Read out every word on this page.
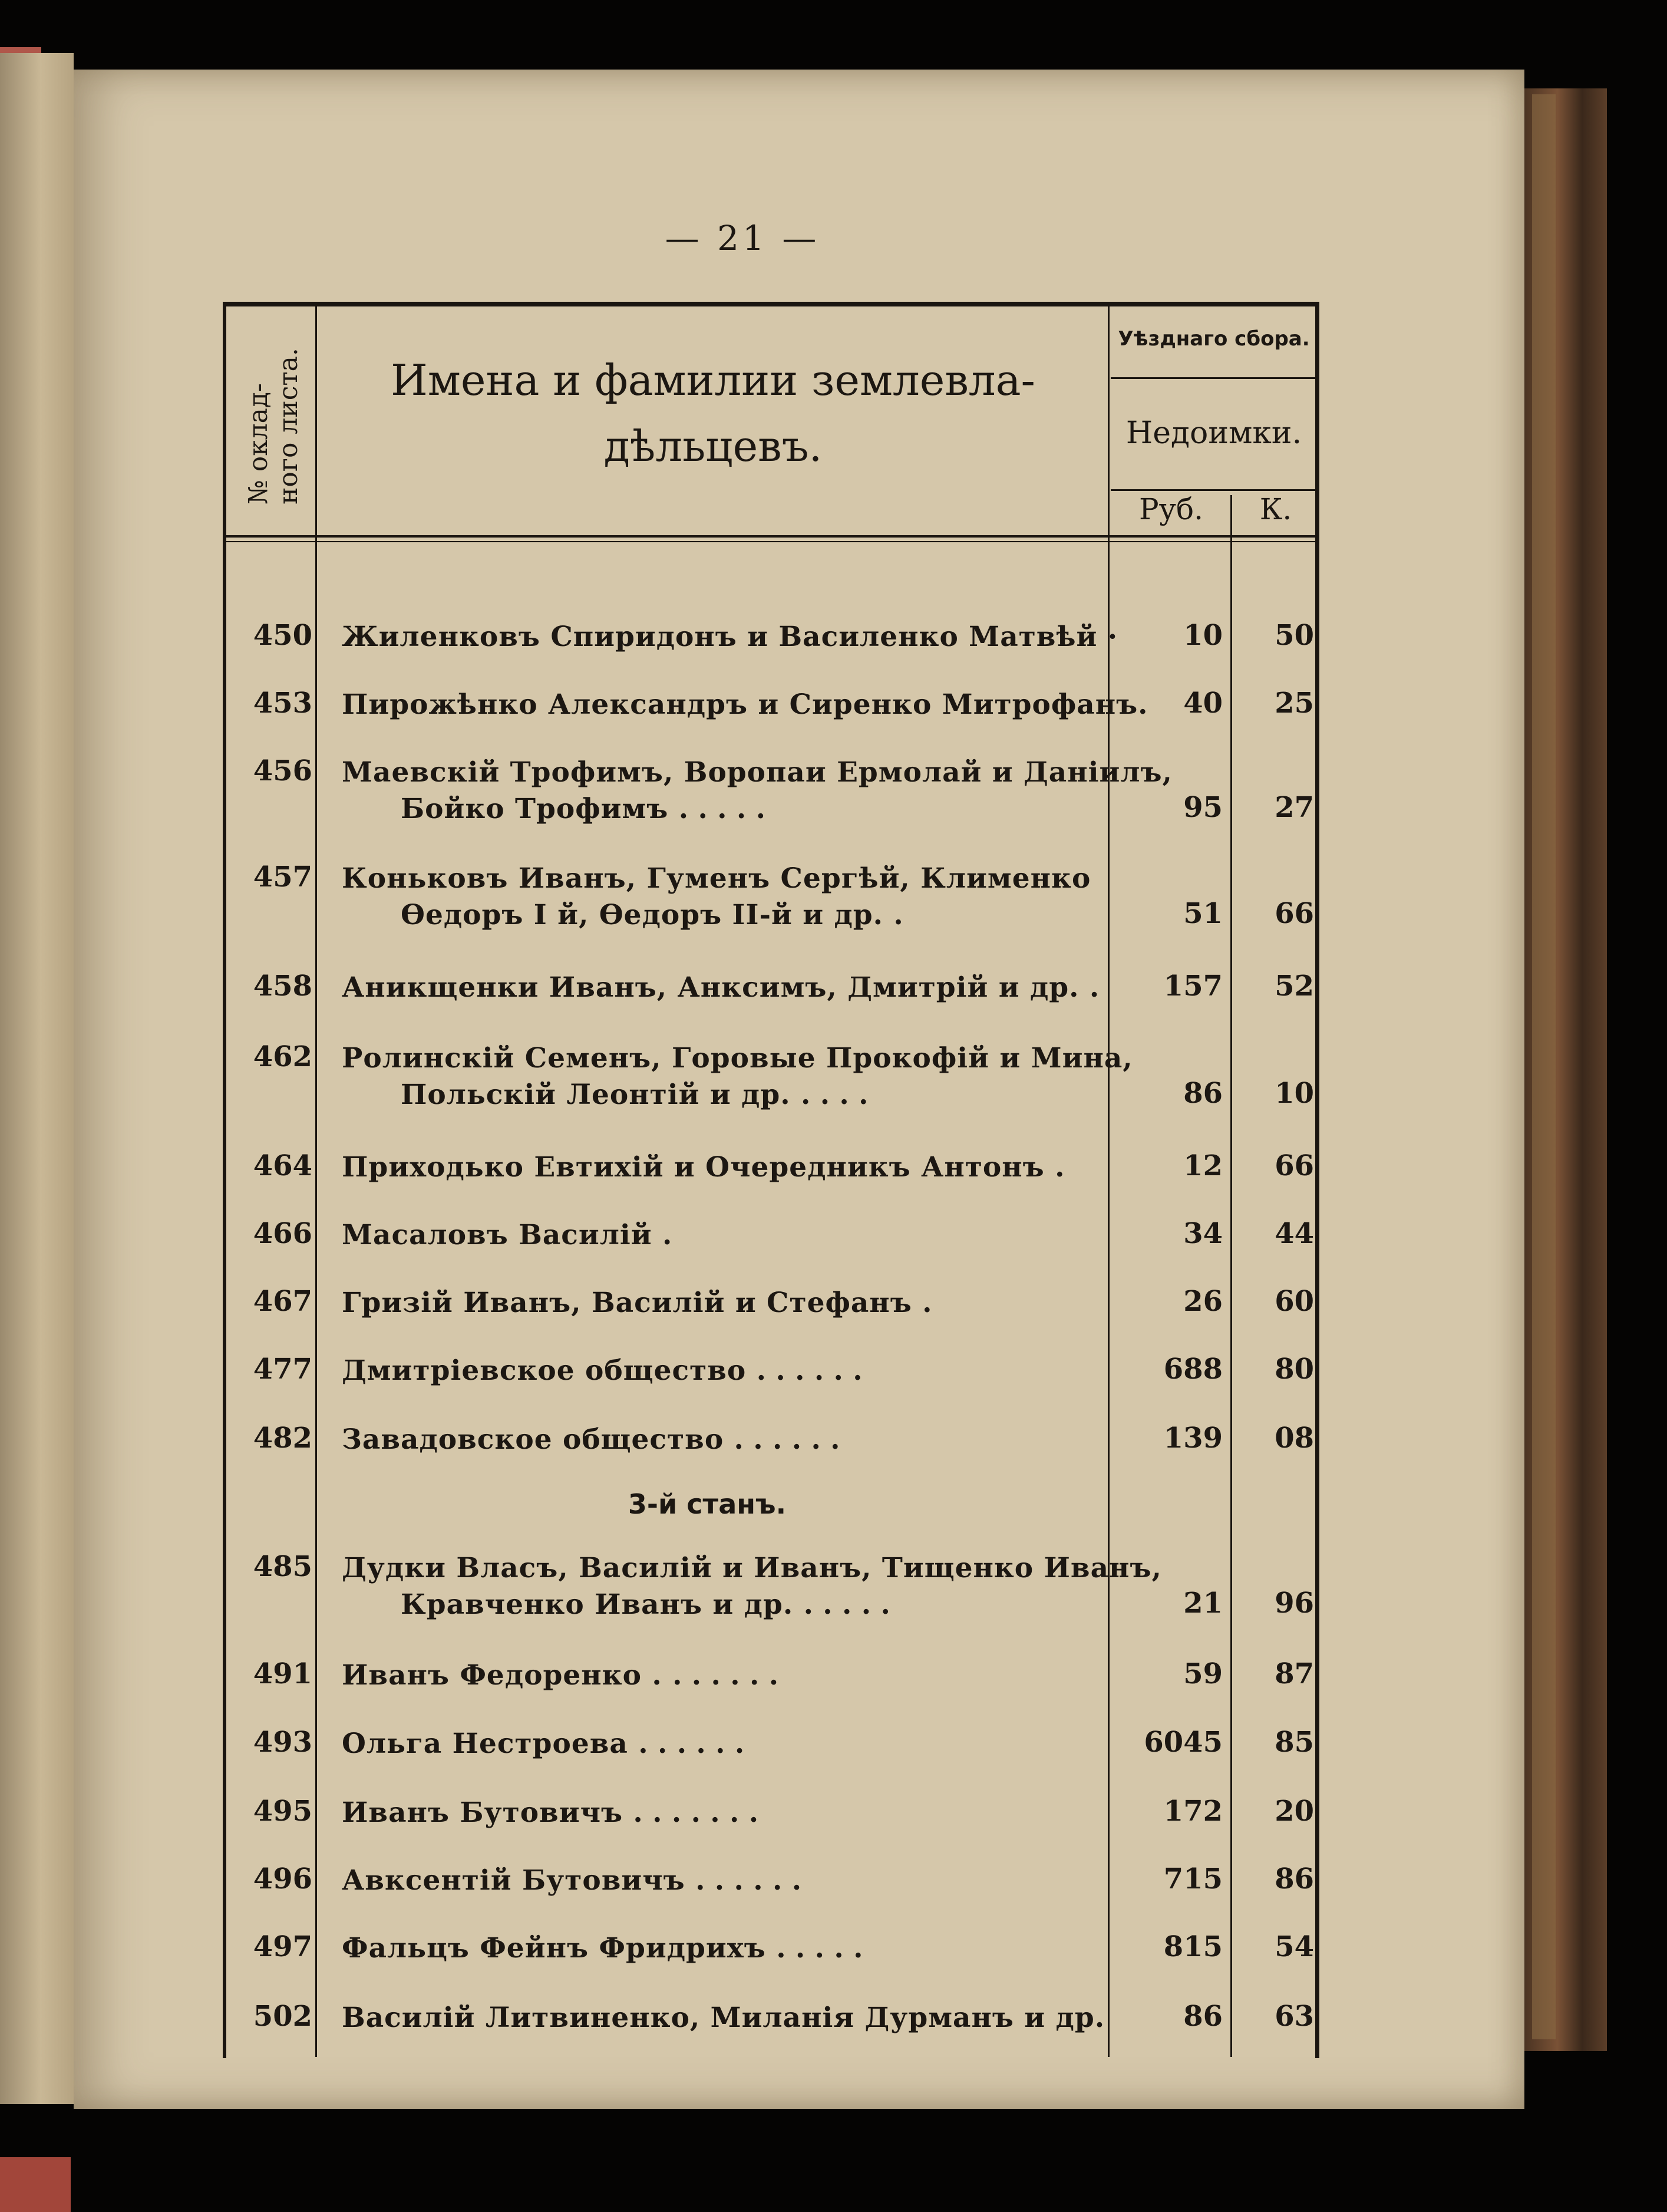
— 21 —
№ оклад-
ного листа.	Имена и фамилии землевла-
дѣльцевъ.
Уѣзднаго сбора.
Недоимки.
Руб.	К.
450 Жиленковъ Спиридонъ и Василенко Матвѣй ·	10	50
453 Пирожѣнко Александръ и Сиренко Митрофанъ.	40	25
456 Маевскій Трофимъ, Воропаи Ермолай и Даніилъ,
Бойко Трофимъ . . . . .	95	27
457 Коньковъ Иванъ, Гуменъ Сергѣй, Клименко
Ѳедоръ І й, Ѳедоръ ІІ-й и др. .	51	66
458 Аникщенки Иванъ, Анксимъ, Дмитрій и др. .	157	52
462 Ролинскій Семенъ, Горовые Прокофій и Мина,
Польскій Леонтій и др. . . . .	86	10
464 Приходько Евтихій и Очередникъ Антонъ .	12	66
466 Масаловъ Василій .	34	44
467 Гризій Иванъ, Василій и Стефанъ .	26	60
477 Дмитріевское общество . . . . . .	688	80
482 Завадовское общество . . . . . .	139	08
3-й станъ.
485 Дудки Власъ, Василій и Иванъ, Тищенко Иванъ,
Кравченко Иванъ и др. . . . . .	21	96
491 Иванъ Федоренко . . . . . . .	59	87
493 Ольга Нестроева . . . . . .	6045	85
495 Иванъ Бутовичъ . . . . . . .	172	20
496 Авксентій Бутовичъ . . . . . .	715	86
497 Фальцъ Фейнъ Фридрихъ . . . . .	815	54
502 Василій Литвиненко, Миланія Дурманъ и др.	86	63
